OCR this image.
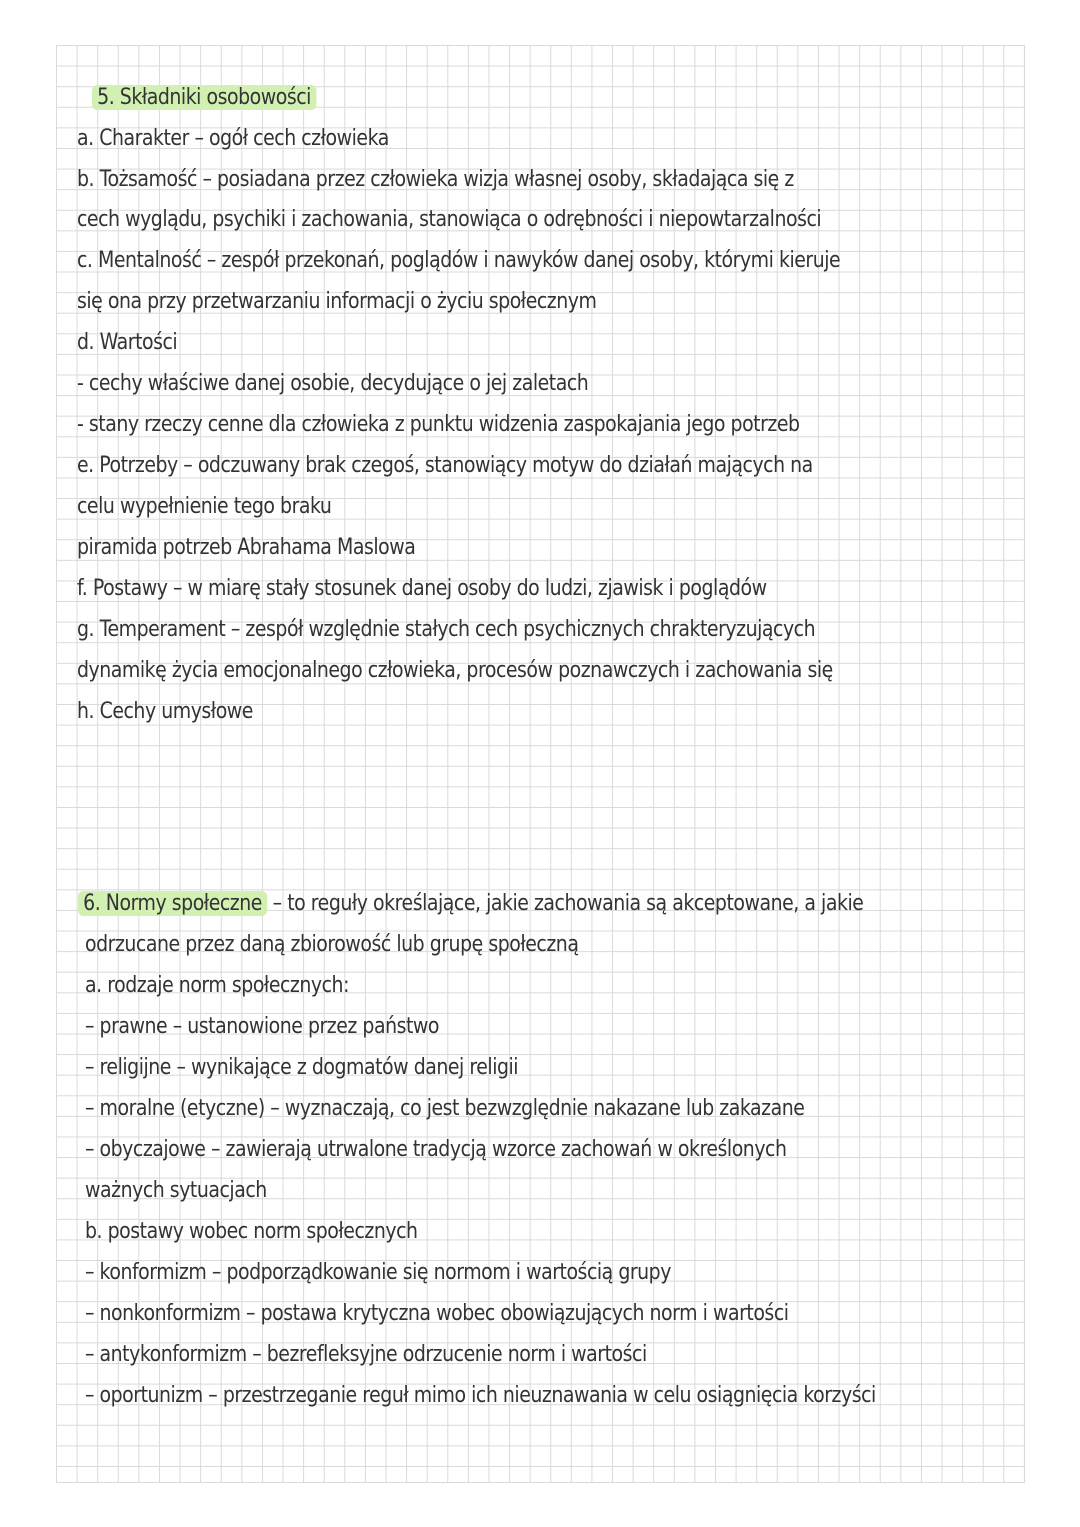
5. Składniki osobowości
a. Charakter – ogół cech człowieka
b. Tożsamość – posiadana przez człowieka wizja własnej osoby, składająca się z
cech wyglądu, psychiki i zachowania, stanowiąca o odrębności i niepowtarzalności
c. Mentalność – zespół przekonań, poglądów i nawyków danej osoby, którymi kieruje
się ona przy przetwarzaniu informacji o życiu społecznym
d. Wartości
- cechy właściwe danej osobie, decydujące o jej zaletach
- stany rzeczy cenne dla człowieka z punktu widzenia zaspokajania jego potrzeb
e. Potrzeby – odczuwany brak czegoś, stanowiący motyw do działań mających na
celu wypełnienie tego braku
piramida potrzeb Abrahama Maslowa
f. Postawy – w miarę stały stosunek danej osoby do ludzi, zjawisk i poglądów
g. Temperament – zespół względnie stałych cech psychicznych chrakteryzujących
dynamikę życia emocjonalnego człowieka, procesów poznawczych i zachowania się
h. Cechy umysłowe
6. Normy społeczne – to reguły określające, jakie zachowania są akceptowane, a jakie
odrzucane przez daną zbiorowość lub grupę społeczną
a. rodzaje norm społecznych:
– prawne – ustanowione przez państwo
– religijne – wynikające z dogmatów danej religii
– moralne (etyczne) – wyznaczają, co jest bezwzględnie nakazane lub zakazane
– obyczajowe – zawierają utrwalone tradycją wzorce zachowań w określonych
ważnych sytuacjach
b. postawy wobec norm społecznych
– konformizm – podporządkowanie się normom i wartością grupy
– nonkonformizm – postawa krytyczna wobec obowiązujących norm i wartości
– antykonformizm – bezrefleksyjne odrzucenie norm i wartości
– oportunizm – przestrzeganie reguł mimo ich nieuznawania w celu osiągnięcia korzyści
